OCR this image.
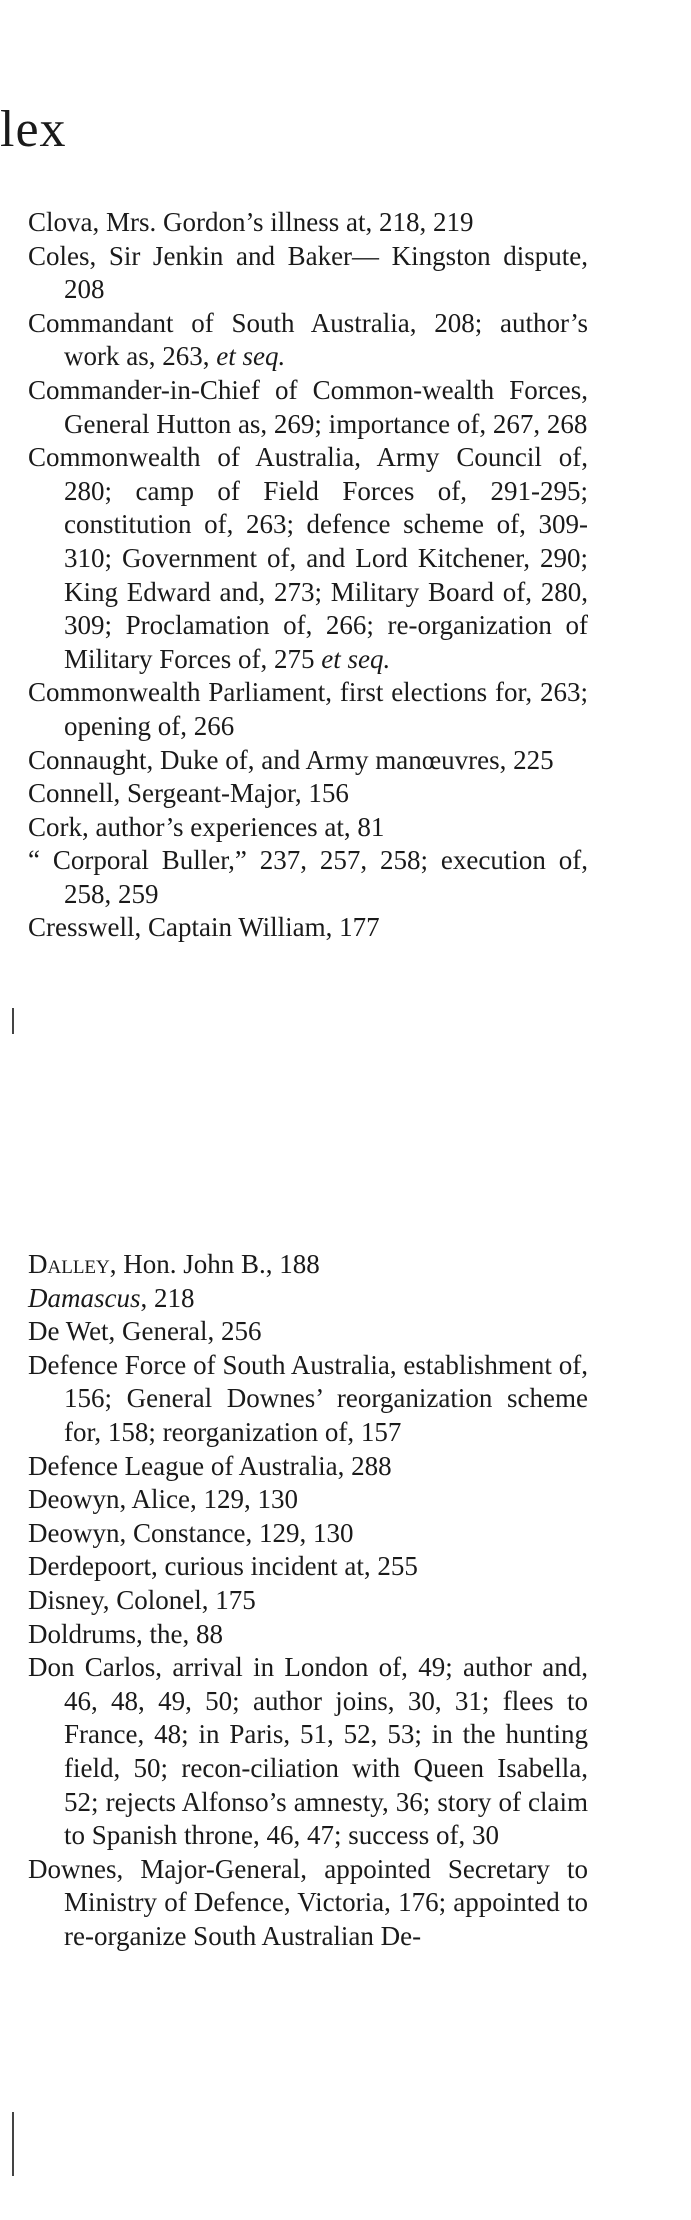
lex
Clova, Mrs. Gordon’s illness at, 218, 219
Coles, Sir Jenkin and Baker— Kingston dispute, 208
Commandant of South Australia, 208; author’s work as, 263, et seq.
Commander-in-Chief of Common-wealth Forces, General Hutton as, 269; importance of, 267, 268
Commonwealth of Australia, Army Council of, 280; camp of Field Forces of, 291-295; constitution of, 263; defence scheme of, 309-310; Government of, and Lord Kitchener, 290; King Edward and, 273; Military Board of, 280, 309; Proclamation of, 266; re-organization of Military Forces of, 275 et seq.
Commonwealth Parliament, first elections for, 263; opening of, 266
Connaught, Duke of, and Army manœuvres, 225
Connell, Sergeant-Major, 156
Cork, author’s experiences at, 81
“ Corporal Buller,” 237, 257, 258; execution of, 258, 259
Cresswell, Captain William, 177
Dalley, Hon. John B., 188
Damascus, 218
De Wet, General, 256
Defence Force of South Australia, establishment of, 156; General Downes’ reorganization scheme for, 158; reorganization of, 157
Defence League of Australia, 288
Deowyn, Alice, 129, 130
Deowyn, Constance, 129, 130
Derdepoort, curious incident at, 255
Disney, Colonel, 175
Doldrums, the, 88
Don Carlos, arrival in London of, 49; author and, 46, 48, 49, 50; author joins, 30, 31; flees to France, 48; in Paris, 51, 52, 53; in the hunting field, 50; recon-ciliation with Queen Isabella, 52; rejects Alfonso’s amnesty, 36; story of claim to Spanish throne, 46, 47; success of, 30
Downes, Major-General, appointed Secretary to Ministry of Defence, Victoria, 176; appointed to re-organize South Australian De-
